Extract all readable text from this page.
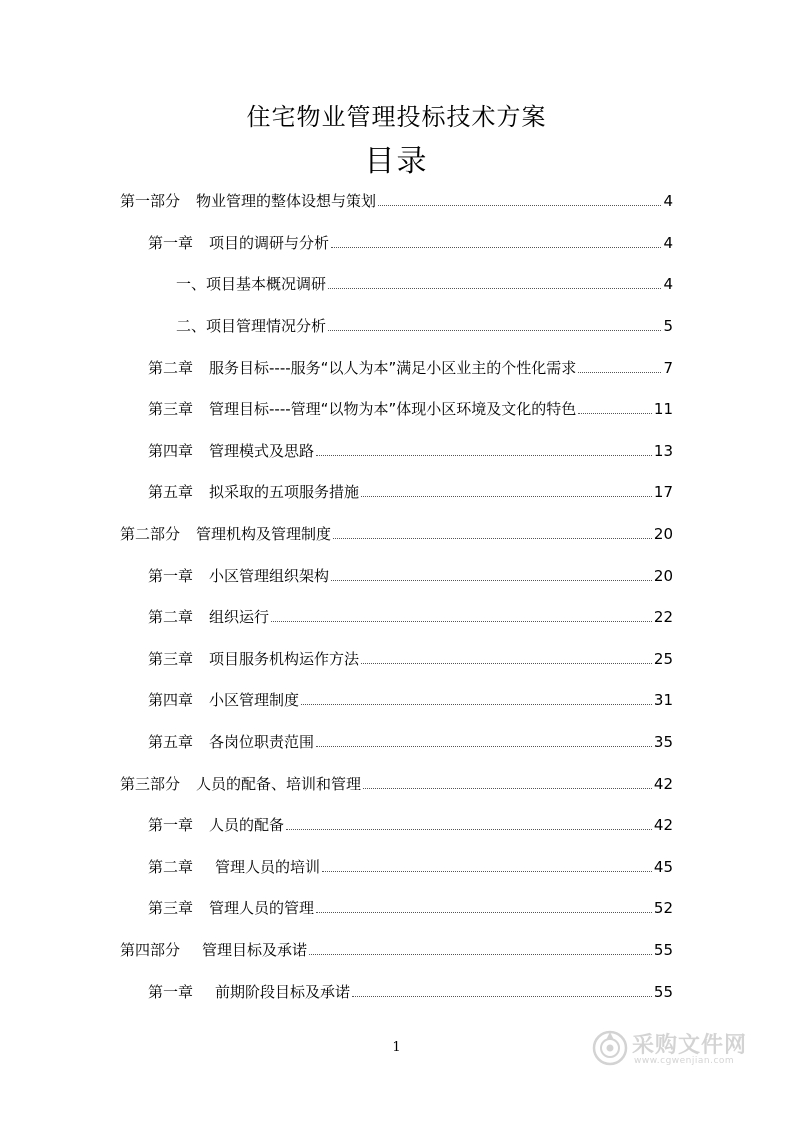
住宅物业管理投标技术方案
目录
第一部分 物业管理的整体设想与策划	4
第一章 项目的调研与分析	4
一、项目基本概况调研	4
二、项目管理情况分析	5
第二章 服务目标----服务“以人为本”满足小区业主的个性化需求	7
第三章 管理目标----管理“以物为本”体现小区环境及文化的特色	11
第四章 管理模式及思路	13
第五章 拟采取的五项服务措施	17
第二部分 管理机构及管理制度	20
第一章 小区管理组织架构	20
第二章 组织运行	22
第三章 项目服务机构运作方法	25
第四章 小区管理制度	31
第五章 各岗位职责范围	35
第三部分 人员的配备、培训和管理	42
第一章 人员的配备	42
第二章 管理人员的培训	45
第三章 管理人员的管理	52
第四部分 管理目标及承诺	55
第一章 前期阶段目标及承诺	55
1	采购文件网
www.cgwenjian.com
